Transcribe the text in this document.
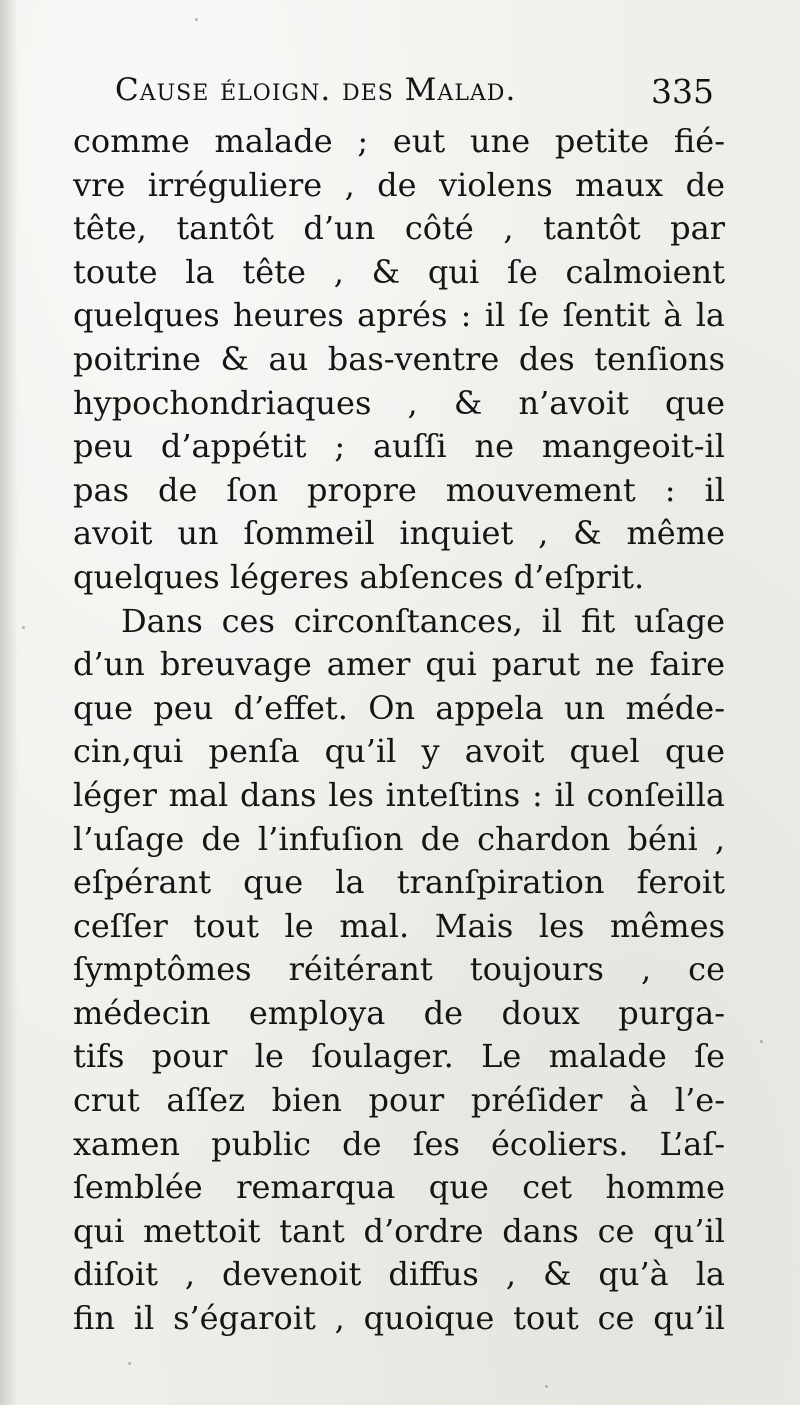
Cause éloign. des Malad.	335
comme malade ; eut une petite fié-
vre irréguliere , de violens maux de
tête, tantôt d’un côté , tantôt par
toute la tête , & qui ſe calmoient
quelques heures aprés : il ſe ſentit à la
poitrine & au bas-ventre des tenſions
hypochondriaques , & n’avoit que
peu d’appétit ; auſſi ne mangeoit-il
pas de ſon propre mouvement : il
avoit un ſommeil inquiet , & même
quelques légeres abſences d’eſprit.
Dans ces circonſtances, il fit uſage
d’un breuvage amer qui parut ne faire
que peu d’effet. On appela un méde-
cin,qui penſa qu’il y avoit quel que
léger mal dans les inteſtins : il conſeilla
l’uſage de l’infuſion de chardon béni ,
eſpérant que la tranſpiration feroit
ceſſer tout le mal. Mais les mêmes
ſymptômes réitérant toujours , ce
médecin employa de doux purga-
tifs pour le ſoulager. Le malade ſe
crut aſſez bien pour préſider à l’e-
xamen public de ſes écoliers. L’aſ-
ſemblée remarqua que cet homme
qui mettoit tant d’ordre dans ce qu’il
diſoit , devenoit diffus , & qu’à la
fin il s’égaroit , quoique tout ce qu’il
